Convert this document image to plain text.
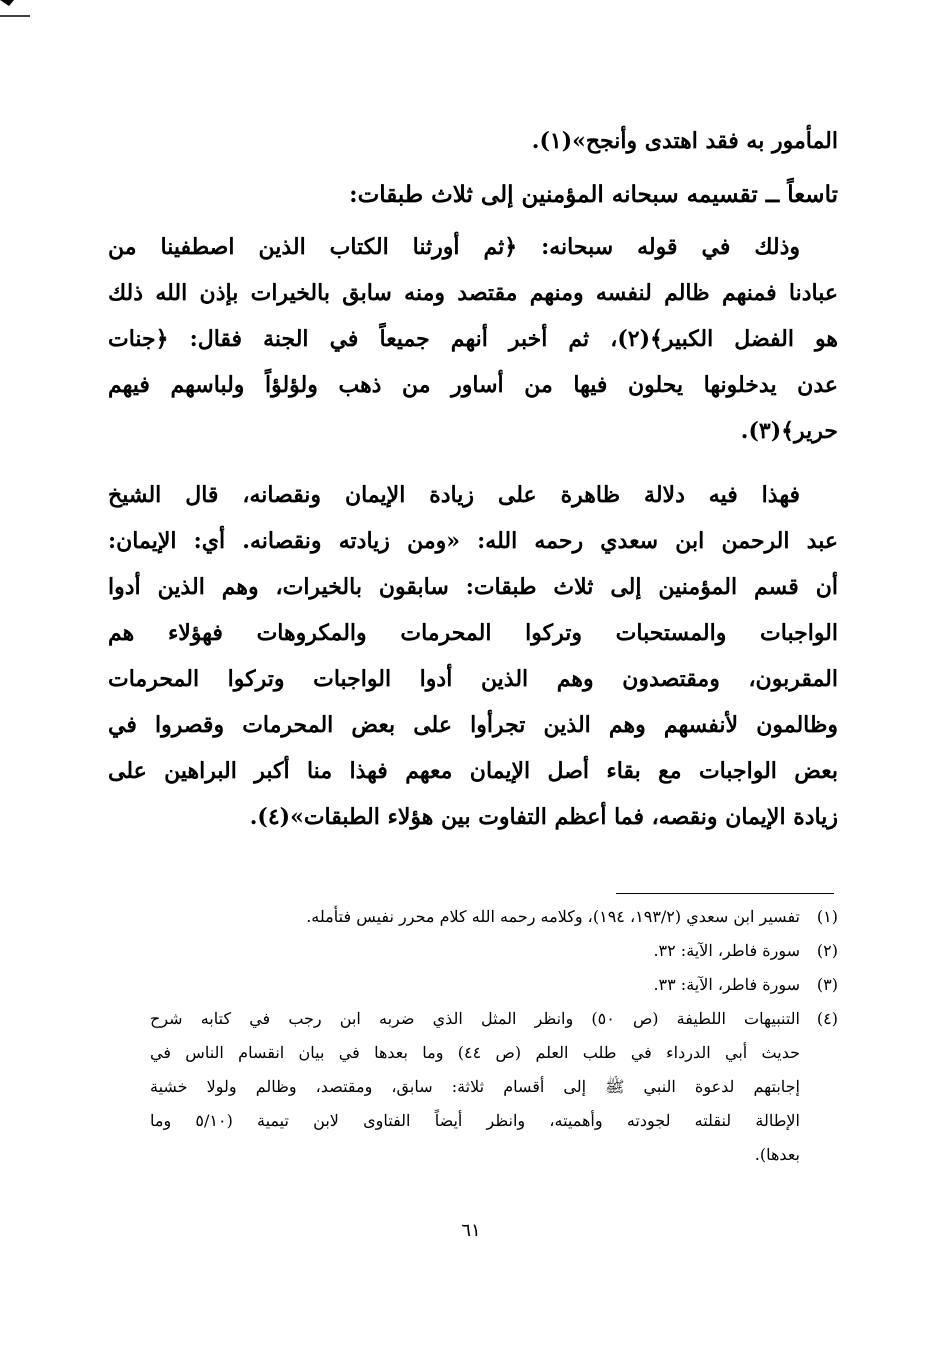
المأمور به فقد اهتدى وأنجح»(١).

تاسعاً ــ تقسيمه سبحانه المؤمنين إلى ثلاث طبقات:

وذلك في قوله سبحانه: ﴿ثم أورثنا الكتاب الذين اصطفينا من

عبادنا فمنهم ظالم لنفسه ومنهم مقتصد ومنه سابق بالخيرات بإذن الله ذلك

هو الفضل الكبير﴾(٢)، ثم أخبر أنهم جميعاً في الجنة فقال: ﴿جنات

عدن يدخلونها يحلون فيها من أساور من ذهب ولؤلؤاً ولباسهم فيهم

حرير﴾(٣).

فهذا فيه دلالة ظاهرة على زيادة الإيمان ونقصانه، قال الشيخ

عبد الرحمن ابن سعدي رحمه الله: «ومن زيادته ونقصانه. أي: الإيمان:

أن قسم المؤمنين إلى ثلاث طبقات: سابقون بالخيرات، وهم الذين أدوا

الواجبات والمستحبات وتركوا المحرمات والمكروهات فهؤلاء هم

المقربون، ومقتصدون وهم الذين أدوا الواجبات وتركوا المحرمات

وظالمون لأنفسهم وهم الذين تجرأوا على بعض المحرمات وقصروا في

بعض الواجبات مع بقاء أصل الإيمان معهم فهذا منا أكبر البراهين على

زيادة الإيمان ونقصه، فما أعظم التفاوت بين هؤلاء الطبقات»(٤).

(١)
تفسير ابن سعدي (١٩٣/٢، ١٩٤)، وكلامه رحمه الله كلام محرر نفيس فتأمله.
(٢)
سورة فاطر، الآية: ٣٢.
(٣)
سورة فاطر، الآية: ٣٣.
(٤)
التنبيهات اللطيفة (ص ٥٠) وانظر المثل الذي ضربه ابن رجب في كتابه شرح
حديث أبي الدرداء في طلب العلم (ص ٤٤) وما بعدها في بيان انقسام الناس في
إجابتهم لدعوة النبي ﷺ إلى أقسام ثلاثة: سابق، ومقتصد، وظالم ولولا خشية
الإطالة لنقلته لجودته وأهميته، وانظر أيضاً الفتاوى لابن تيمية (٥/١٠ وما
بعدها).
٦١
